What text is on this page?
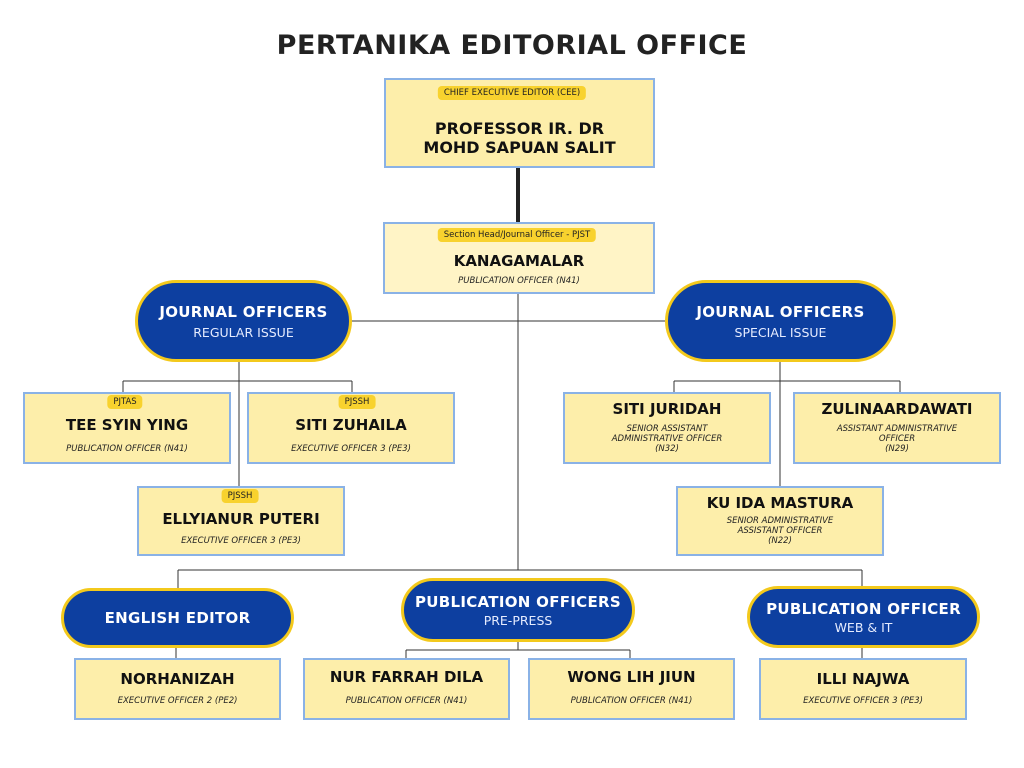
PERTANIKA EDITORIAL OFFICE
PROFESSOR IR. DR
MOHD SAPUAN SALIT
CHIEF EXECUTIVE EDITOR (CEE)
KANAGAMALAR
PUBLICATION OFFICER (N41)
Section Head/Journal Officer - PJST
JOURNAL OFFICERS
REGULAR ISSUE
JOURNAL OFFICERS
SPECIAL ISSUE
TEE SYIN YING
PUBLICATION OFFICER (N41)
PJTAS
SITI ZUHAILA
EXECUTIVE OFFICER 3 (PE3)
PJSSH
ELLYIANUR PUTERI
EXECUTIVE OFFICER 3 (PE3)
PJSSH
SITI JURIDAH
SENIOR ASSISTANT
ADMINISTRATIVE OFFICER
(N32)
ZULINAARDAWATI
ASSISTANT ADMINISTRATIVE
OFFICER
(N29)
KU IDA MASTURA
SENIOR ADMINISTRATIVE
ASSISTANT OFFICER
(N22)
ENGLISH EDITOR
PUBLICATION OFFICERS
PRE-PRESS
PUBLICATION OFFICER
WEB & IT
NORHANIZAH
EXECUTIVE OFFICER 2 (PE2)
NUR FARRAH DILA
PUBLICATION OFFICER (N41)
WONG LIH JIUN
PUBLICATION OFFICER (N41)
ILLI NAJWA
EXECUTIVE OFFICER 3 (PE3)
